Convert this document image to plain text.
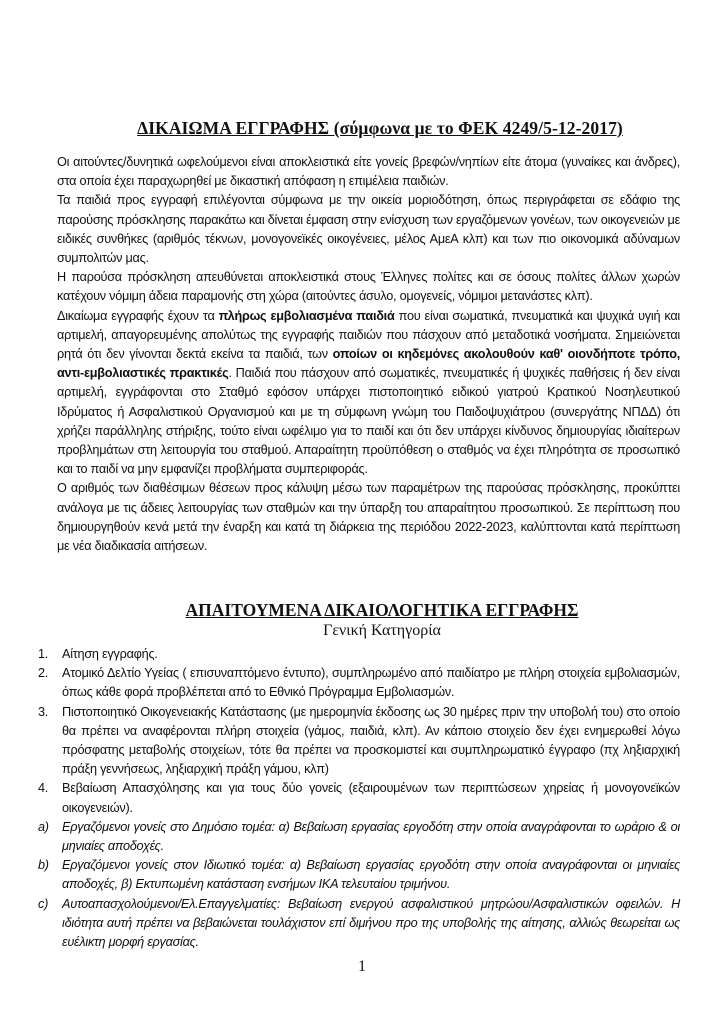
ΔΙΚΑΙΩΜΑ ΕΓΓΡΑΦΗΣ (σύμφωνα με το ΦΕΚ 4249/5-12-2017)

Οι αιτούντες/δυνητικά ωφελούμενοι είναι αποκλειστικά είτε γονείς βρεφών/νηπίων είτε άτομα (γυναίκες και άνδρες), στα οποία έχει παραχωρηθεί με δικαστική απόφαση η επιμέλεια παιδιών.

Τα παιδιά προς εγγραφή επιλέγονται σύμφωνα με την οικεία μοριοδότηση, όπως περιγράφεται σε εδάφιο της παρούσης πρόσκλησης παρακάτω και δίνεται έμφαση στην ενίσχυση των εργαζόμενων γονέων, των οικογενειών με ειδικές συνθήκες (αριθμός τέκνων, μονογονεϊκές οικογένειες, μέλος ΑμεΑ κλπ) και των πιο οικονομικά αδύναμων συμπολιτών μας.

Η παρούσα πρόσκληση απευθύνεται αποκλειστικά στους Έλληνες πολίτες και σε όσους πολίτες άλλων χωρών κατέχουν νόμιμη άδεια παραμονής στη χώρα (αιτούντες άσυλο, ομογενείς, νόμιμοι μετανάστες κλπ).

Δικαίωμα εγγραφής έχουν τα πλήρως εμβολιασμένα παιδιά που είναι σωματικά, πνευματικά και ψυχικά υγιή και αρτιμελή, απαγορευμένης απολύτως της εγγραφής παιδιών που πάσχουν από μεταδοτικά νοσήματα. Σημειώνεται ρητά ότι δεν γίνονται δεκτά εκείνα τα παιδιά, των οποίων οι κηδεμόνες ακολουθούν καθ' οιονδήποτε τρόπο, αντι-εμβολιαστικές πρακτικές. Παιδιά που πάσχουν από σωματικές, πνευματικές ή ψυχικές παθήσεις ή δεν είναι αρτιμελή, εγγράφονται στο Σταθμό εφόσον υπάρχει πιστοποιητικό ειδικού γιατρού Κρατικού Νοσηλευτικού Ιδρύματος ή Ασφαλιστικού Οργανισμού και με τη σύμφωνη γνώμη του Παιδοψυχιάτρου (συνεργάτης ΝΠΔΔ) ότι χρήζει παράλληλης στήριξης, τούτο είναι ωφέλιμο για το παιδί και ότι δεν υπάρχει κίνδυνος δημιουργίας ιδιαίτερων προβλημάτων στη λειτουργία του σταθμού. Απαραίτητη προϋπόθεση ο σταθμός να έχει πληρότητα σε προσωπικό και το παιδί να μην εμφανίζει προβλήματα συμπεριφοράς.

Ο αριθμός των διαθέσιμων θέσεων προς κάλυψη μέσω των παραμέτρων της παρούσας πρόσκλησης, προκύπτει ανάλογα με τις άδειες λειτουργίας των σταθμών και την ύπαρξη του απαραίτητου προσωπικού. Σε περίπτωση που δημιουργηθούν κενά μετά την έναρξη και κατά τη διάρκεια της περιόδου 2022-2023, καλύπτονται κατά περίπτωση με νέα διαδικασία αιτήσεων.

ΑΠΑΙΤΟΥΜΕΝΑ ΔΙΚΑΙΟΛΟΓΗΤΙΚΑ ΕΓΓΡΑΦΗΣ
Γενική Κατηγορία
1.	Αίτηση εγγραφής.
2.	Ατομικό Δελτίο Υγείας ( επισυναπτόμενο έντυπο), συμπληρωμένο από παιδίατρο με πλήρη στοιχεία εμβολιασμών, όπως κάθε φορά προβλέπεται από το Εθνικό Πρόγραμμα Εμβολιασμών.
3.	Πιστοποιητικό Οικογενειακής Κατάστασης (με ημερομηνία έκδοσης ως 30 ημέρες πριν την υποβολή του) στο οποίο θα πρέπει να αναφέρονται πλήρη στοιχεία (γάμος, παιδιά, κλπ). Αν κάποιο στοιχείο δεν έχει ενημερωθεί λόγω πρόσφατης μεταβολής στοιχείων, τότε θα πρέπει να προσκομιστεί και συμπληρωματικό έγγραφο (πχ ληξιαρχική πράξη γεννήσεως, ληξιαρχική πράξη γάμου, κλπ)
4.	Βεβαίωση Απασχόλησης και για τους δύο γονείς (εξαιρουμένων των περιπτώσεων χηρείας ή μονογονεϊκών οικογενειών).
a)	Εργαζόμενοι γονείς στο Δημόσιο τομέα: α) Βεβαίωση εργασίας εργοδότη στην οποία αναγράφονται το ωράριο & οι μηνιαίες αποδοχές.
b)	Εργαζόμενοι γονείς στον Ιδιωτικό τομέα: α) Βεβαίωση εργασίας εργοδότη στην οποία αναγράφονται οι μηνιαίες αποδοχές, β) Εκτυπωμένη κατάσταση ενσήμων ΙΚΑ τελευταίου τριμήνου.
c)	Αυτοαπασχολούμενοι/Ελ.Επαγγελματίες: Βεβαίωση ενεργού ασφαλιστικού μητρώου/Ασφαλιστικών οφειλών. Η ιδιότητα αυτή πρέπει να βεβαιώνεται τουλάχιστον επί διμήνου προ της υποβολής της αίτησης, αλλιώς θεωρείται ως ευέλικτη μορφή εργασίας.
1
